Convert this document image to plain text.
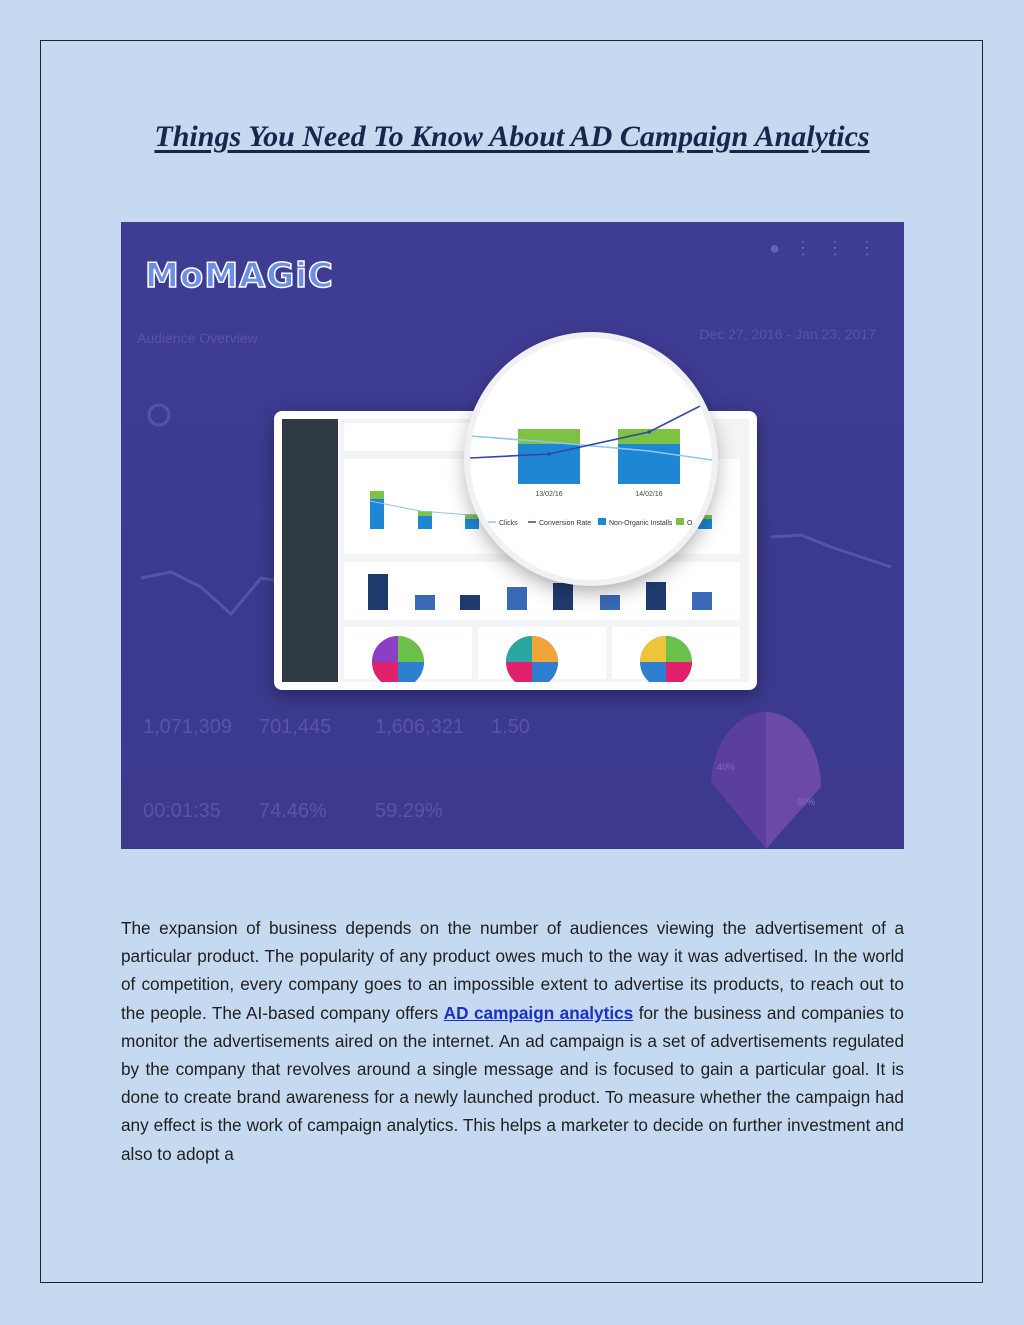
Things You Need To Know About AD Campaign Analytics
MoMAGiC
●⋮⋮⋮
Audience Overview	Dec 27, 2016 - Jan 23, 2017
1,071,309 701,445 1,606,321 1.50
00:01:35 74.46% 59.29%
40%
60%
13/02/16	14/02/16
Clicks	Conversion Rate	Non-Organic Installs O

The expansion of business depends on the number of audiences viewing the advertisement of a particular product. The popularity of any product owes much to the way it was advertised. In the world of competition, every company goes to an impossible extent to advertise its products, to reach out to the people. The AI-based company offers AD campaign analytics for the business and companies to monitor the advertisements aired on the internet. An ad campaign is a set of advertisements regulated by the company that revolves around a single message and is focused to gain a particular goal. It is done to create brand awareness for a newly launched product. To measure whether the campaign had any effect is the work of campaign analytics. This helps a marketer to decide on further investment and also to adopt a
